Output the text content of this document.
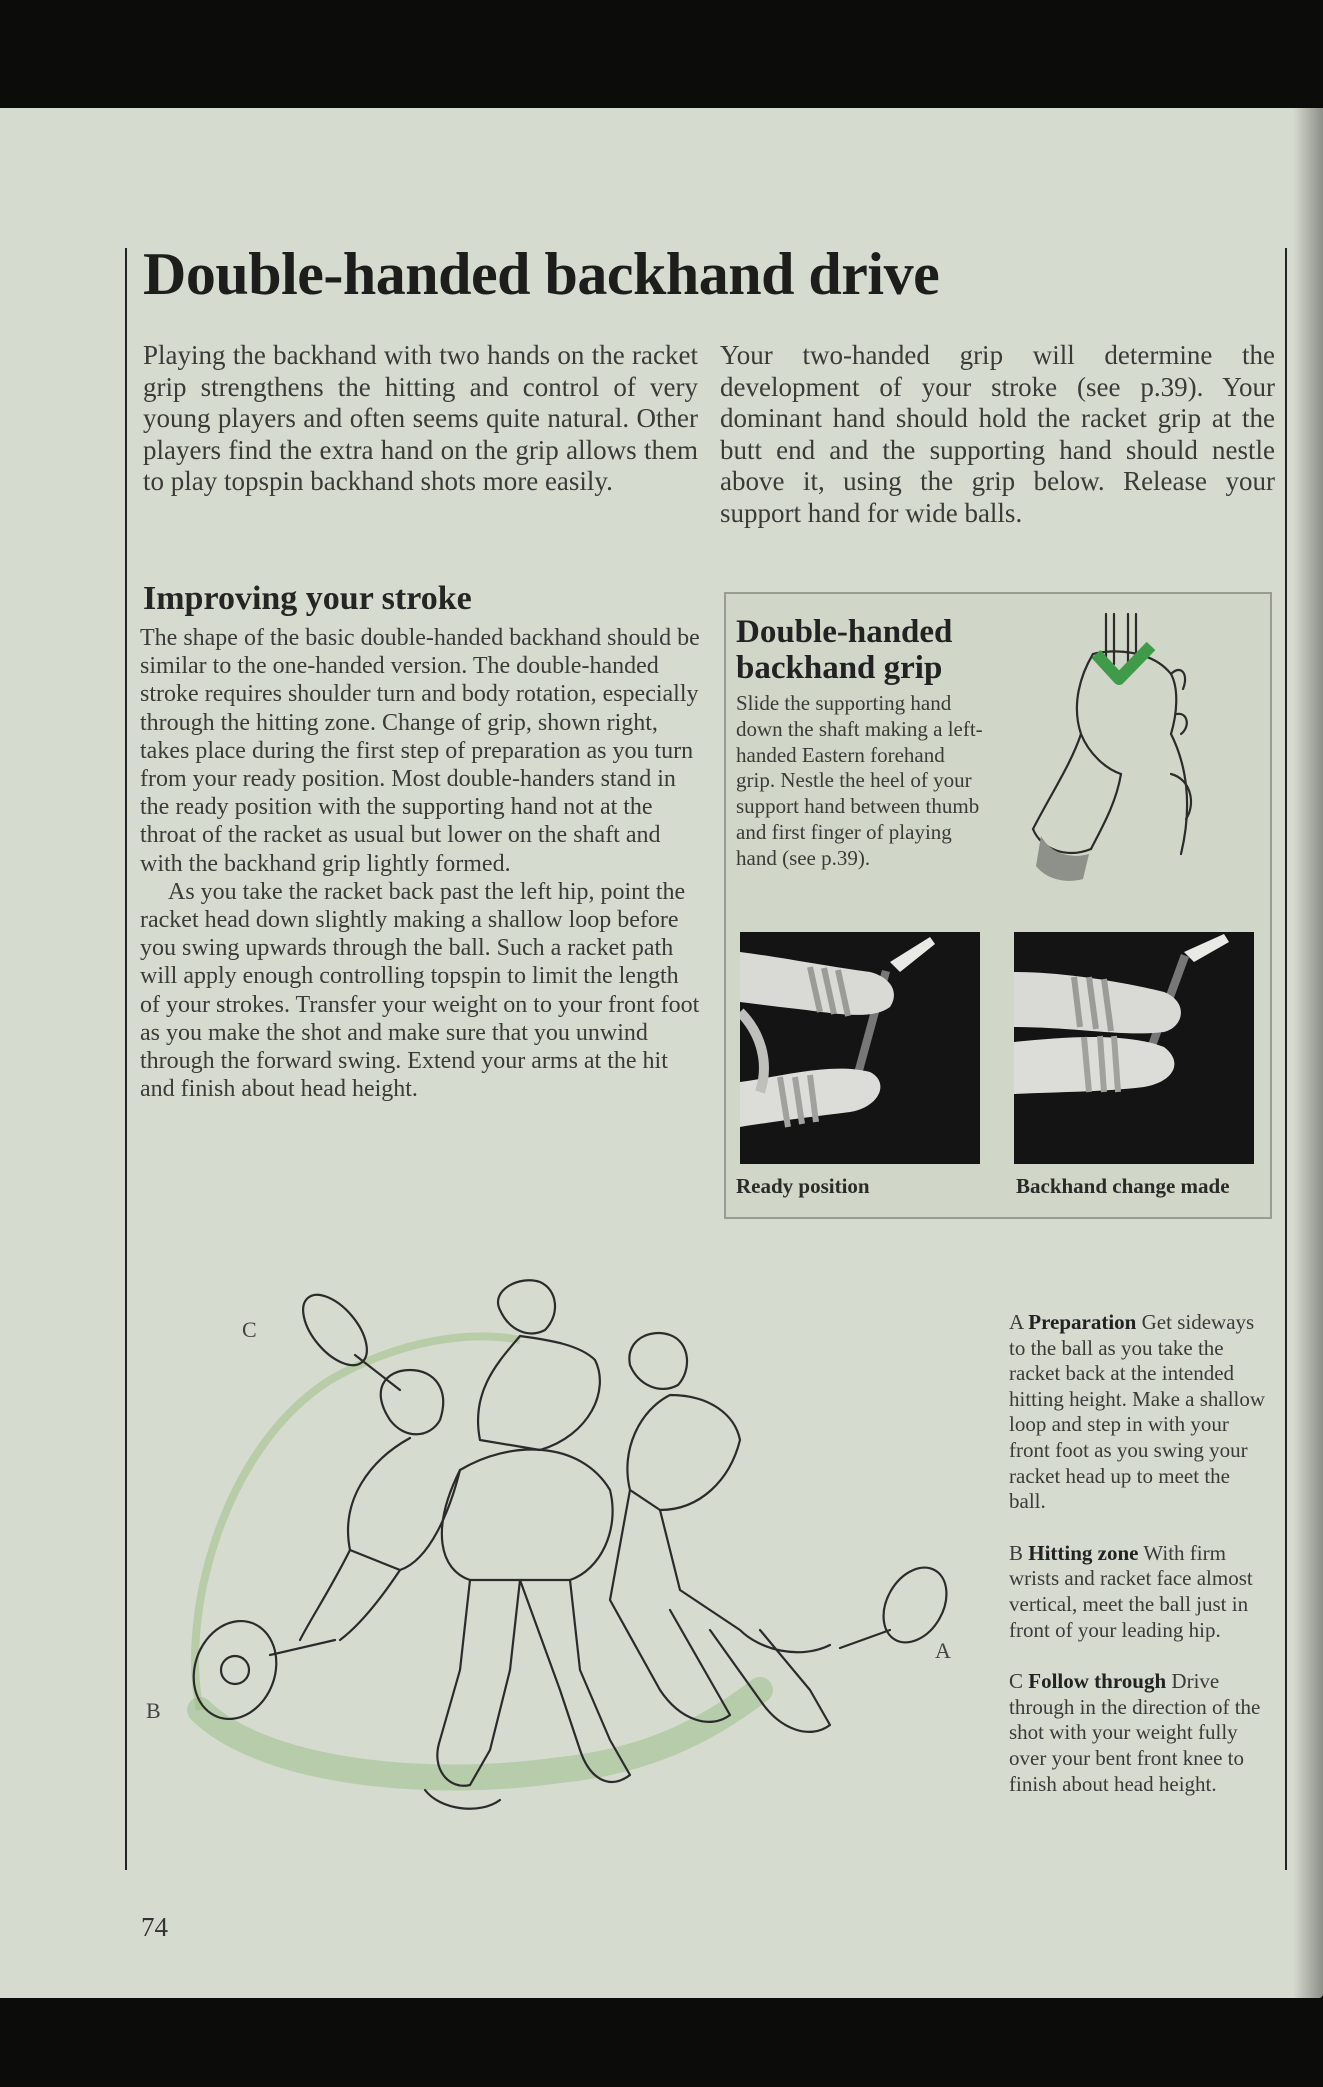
Double-handed backhand drive

Playing the backhand with two hands on the racket grip strengthens the hitting and control of very young players and often seems quite natural. Other players find the extra hand on the grip allows them to play topspin backhand shots more easily.

Your two-handed grip will determine the development of your stroke (see p.39). Your dominant hand should hold the racket grip at the butt end and the supporting hand should nestle above it, using the grip below. Release your support hand for wide balls.

Improving your stroke

The shape of the basic double-handed backhand should be similar to the one-handed version. The double-handed stroke requires shoulder turn and body rotation, especially through the hitting zone. Change of grip, shown right, takes place during the first step of preparation as you turn from your ready position. Most double-handers stand in the ready position with the supporting hand not at the throat of the racket as usual but lower on the shaft and with the backhand grip lightly formed.

As you take the racket back past the left hip, point the racket head down slightly making a shallow loop before you swing upwards through the ball. Such a racket path will apply enough controlling topspin to limit the length of your strokes. Transfer your weight on to your front foot as you make the shot and make sure that you unwind through the forward swing. Extend your arms at the hit and finish about head height.

Double-handed backhand grip

Slide the supporting hand down the shaft making a left-handed Eastern forehand grip. Nestle the heel of your support hand between thumb and first finger of playing hand (see p.39).

Ready position	Backhand change made
C
B
A

A Preparation Get sideways to the ball as you take the racket back at the intended hitting height. Make a shallow loop and step in with your front foot as you swing your racket head up to meet the ball.

B Hitting zone With firm wrists and racket face almost vertical, meet the ball just in front of your leading hip.

C Follow through Drive through in the direction of the shot with your weight fully over your bent front knee to finish about head height.

74
